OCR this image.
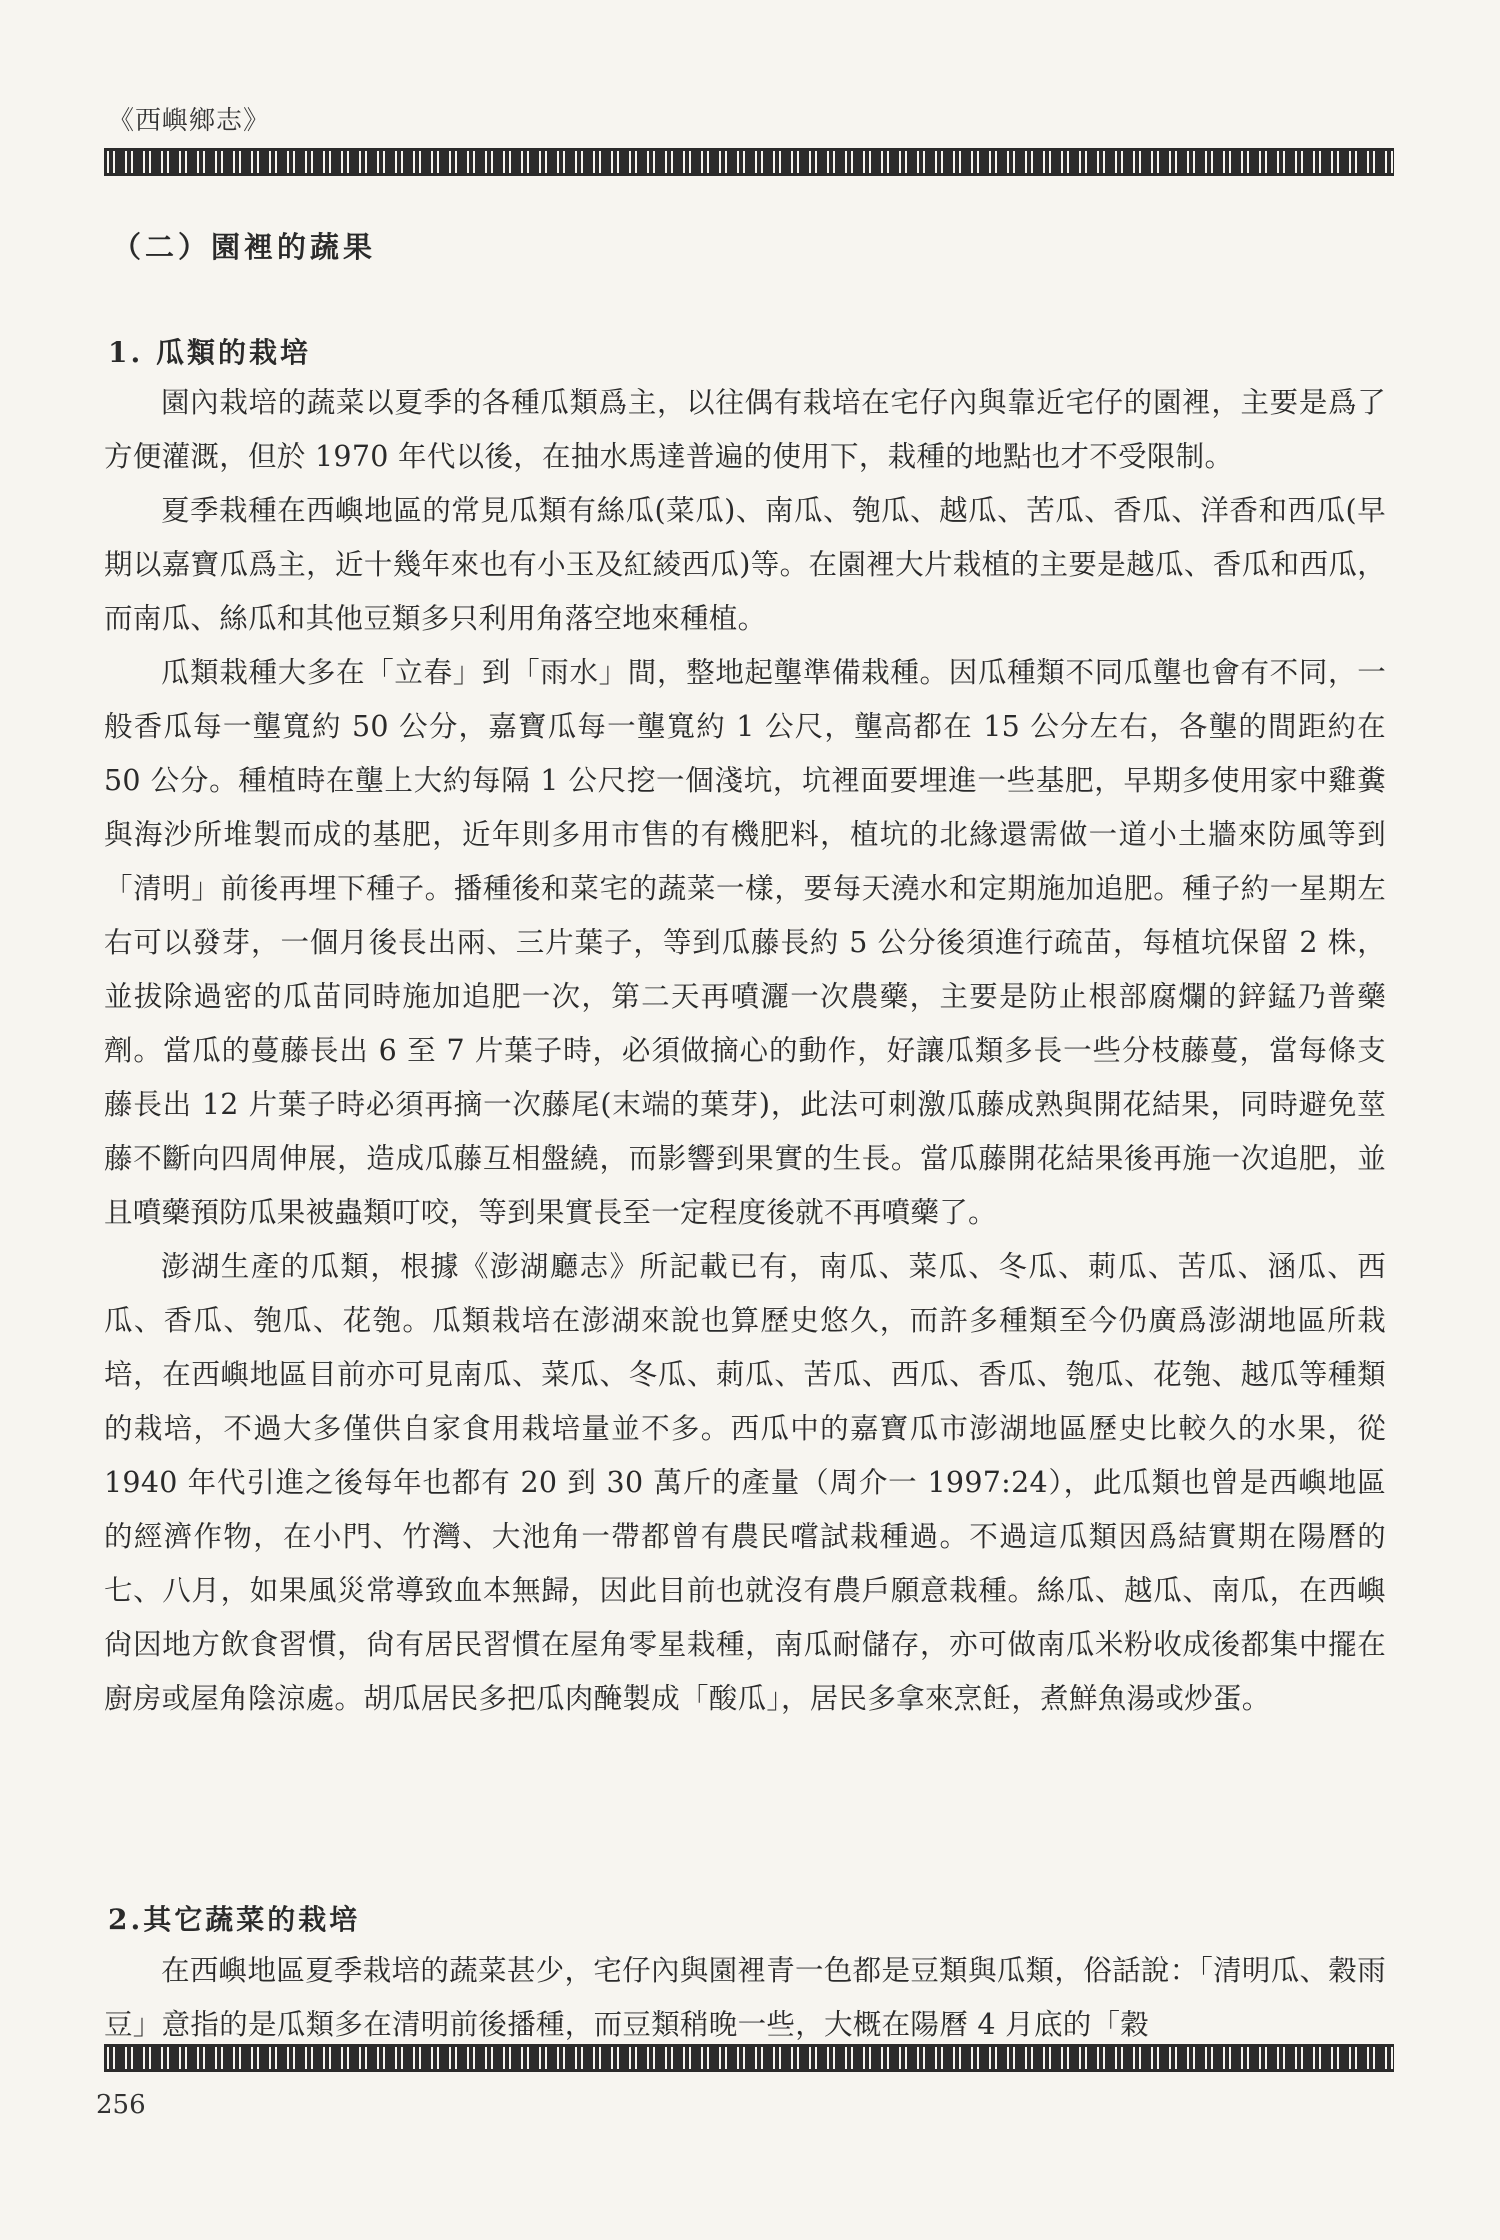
《西嶼鄉志》
（二）園裡的蔬果
1. 瓜類的栽培

園內栽培的蔬菜以夏季的各種瓜類爲主，以往偶有栽培在宅仔內與靠近宅仔的園裡，主要是爲了方便灌溉，但於 1970 年代以後，在抽水馬達普遍的使用下，栽種的地點也才不受限制。

夏季栽種在西嶼地區的常見瓜類有絲瓜(菜瓜)、南瓜、匏瓜、越瓜、苦瓜、香瓜、洋香和西瓜(早期以嘉寶瓜爲主，近十幾年來也有小玉及紅綾西瓜)等。在園裡大片栽植的主要是越瓜、香瓜和西瓜，而南瓜、絲瓜和其他豆類多只利用角落空地來種植。

瓜類栽種大多在「立春」到「雨水」間，整地起壟準備栽種。因瓜種類不同瓜壟也會有不同，一般香瓜每一壟寬約 50 公分，嘉寶瓜每一壟寬約 1 公尺，壟高都在 15 公分左右，各壟的間距約在 50 公分。種植時在壟上大約每隔 1 公尺挖一個淺坑，坑裡面要埋進一些基肥，早期多使用家中雞糞與海沙所堆製而成的基肥，近年則多用市售的有機肥料，植坑的北緣還需做一道小土牆來防風等到「清明」前後再埋下種子。播種後和菜宅的蔬菜一樣，要每天澆水和定期施加追肥。種子約一星期左右可以發芽，一個月後長出兩、三片葉子，等到瓜藤長約 5 公分後須進行疏苗，每植坑保留 2 株，並拔除過密的瓜苗同時施加追肥一次，第二天再噴灑一次農藥，主要是防止根部腐爛的鋅錳乃普藥劑。當瓜的蔓藤長出 6 至 7 片葉子時，必須做摘心的動作，好讓瓜類多長一些分枝藤蔓，當每條支藤長出 12 片葉子時必須再摘一次藤尾(末端的葉芽)，此法可刺激瓜藤成熟與開花結果，同時避免莖藤不斷向四周伸展，造成瓜藤互相盤繞，而影響到果實的生長。當瓜藤開花結果後再施一次追肥，並且噴藥預防瓜果被蟲類叮咬，等到果實長至一定程度後就不再噴藥了。

澎湖生產的瓜類，根據《澎湖廳志》所記載已有，南瓜、菜瓜、冬瓜、莿瓜、苦瓜、涵瓜、西瓜、香瓜、匏瓜、花匏。瓜類栽培在澎湖來說也算歷史悠久，而許多種類至今仍廣爲澎湖地區所栽培，在西嶼地區目前亦可見南瓜、菜瓜、冬瓜、莿瓜、苦瓜、西瓜、香瓜、匏瓜、花匏、越瓜等種類的栽培，不過大多僅供自家食用栽培量並不多。西瓜中的嘉寶瓜市澎湖地區歷史比較久的水果，從 1940 年代引進之後每年也都有 20 到 30 萬斤的產量（周介一 1997:24），此瓜類也曾是西嶼地區的經濟作物，在小門、竹灣、大池角一帶都曾有農民嚐試栽種過。不過這瓜類因爲結實期在陽曆的七、八月，如果風災常導致血本無歸，因此目前也就沒有農戶願意栽種。絲瓜、越瓜、南瓜，在西嶼尙因地方飲食習慣，尙有居民習慣在屋角零星栽種，南瓜耐儲存，亦可做南瓜米粉收成後都集中擺在廚房或屋角陰涼處。胡瓜居民多把瓜肉醃製成「酸瓜」，居民多拿來烹飪，煮鮮魚湯或炒蛋。

2.其它蔬菜的栽培

在西嶼地區夏季栽培的蔬菜甚少，宅仔內與園裡青一色都是豆類與瓜類，俗話說：「清明瓜、穀雨豆」意指的是瓜類多在清明前後播種，而豆類稍晚一些，大概在陽曆 4 月底的「穀

256
